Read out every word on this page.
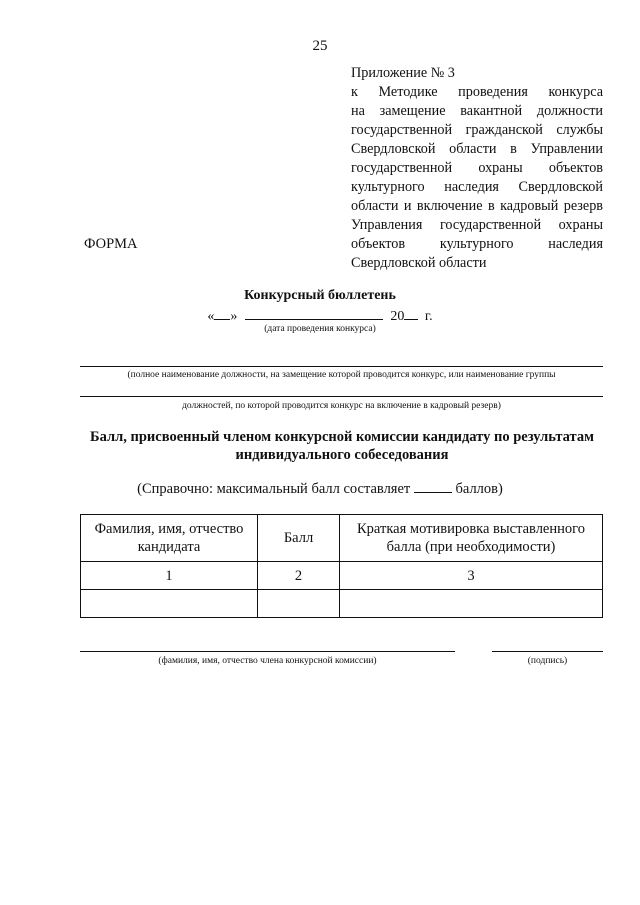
25
Приложение № 3
к Методике проведения конкурса
на замещение вакантной должности
государственной гражданской службы
Свердловской области в Управлении
государственной охраны объектов
культурного наследия Свердловской
области и включение в кадровый резерв
Управления государственной охраны
объектов культурного наследия
Свердловской области
ФОРМА
Конкурсный бюллетень
« »	20 г.
(дата проведения конкурса)
(полное наименование должности, на замещение которой проводится конкурс, или наименование группы
должностей, по которой проводится конкурс на включение в кадровый резерв)
Балл, присвоенный членом конкурсной комиссии кандидату по результатам индивидуального собеседования
(Справочно: максимальный балл составляет	баллов)
Фамилия, имя, отчество кандидата	Балл	Краткая мотивировка выставленного балла (при необходимости)
1	2	3

(фамилия, имя, отчество члена конкурсной комиссии)	(подпись)
